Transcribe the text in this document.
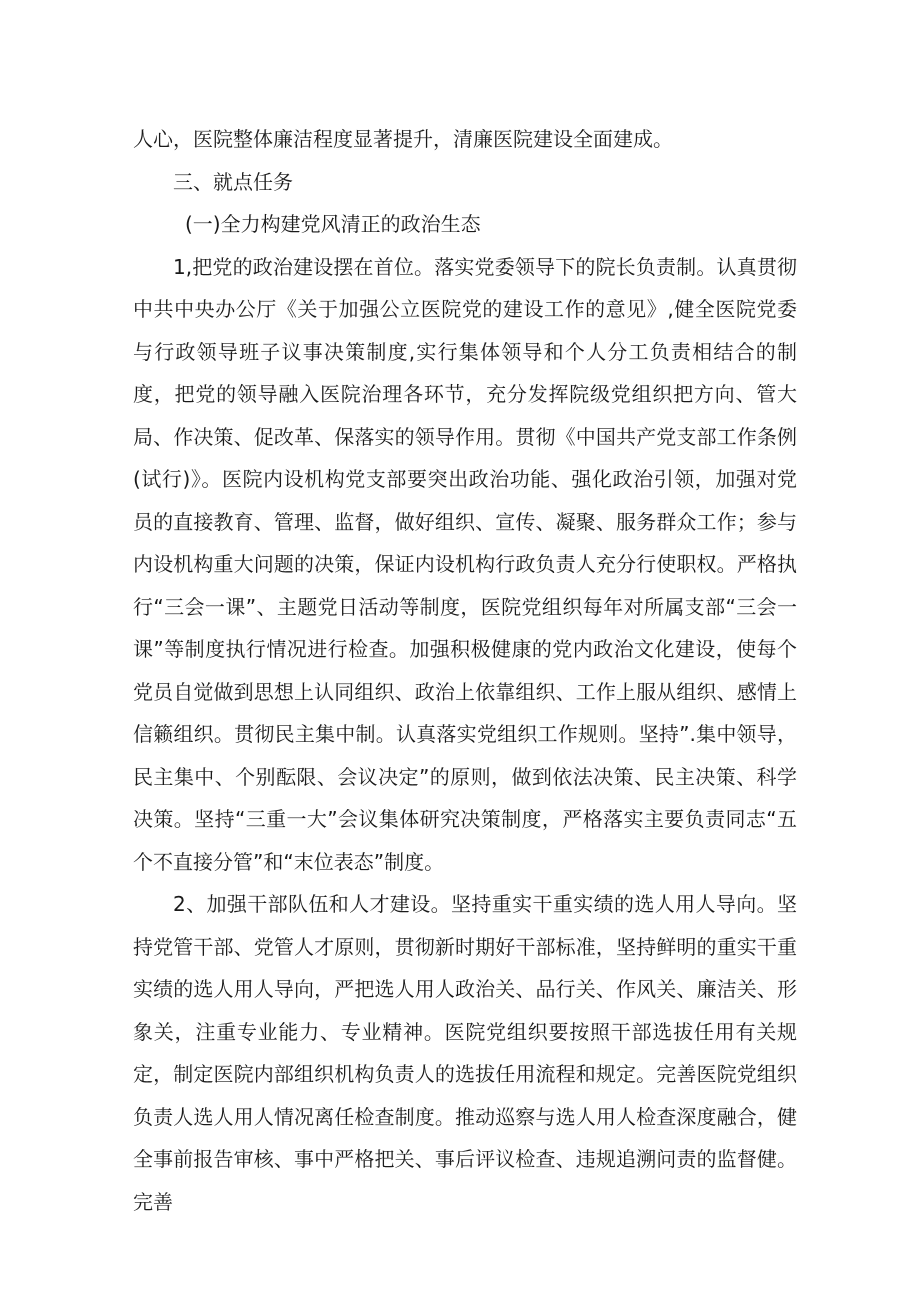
人心，医院整体廉洁程度显著提升，清廉医院建设全面建成。

三、就点任务

(一)全力构建党风清正的政治生态

1,把党的政治建设摆在首位。落实党委领导下的院长负责制。认真贯彻中共中央办公厅《关于加强公立医院党的建设工作的意见》,健全医院党委与行政领导班子议事决策制度,实行集体领导和个人分工负责相结合的制度，把党的领导融入医院治理各环节，充分发挥院级党组织把方向、管大局、作决策、促改革、保落实的领导作用。贯彻《中国共产党支部工作条例(试行)》。医院内设机构党支部要突出政治功能、强化政治引领，加强对党员的直接教育、管理、监督，做好组织、宣传、凝聚、服务群众工作；参与内设机构重大问题的决策，保证内设机构行政负责人充分行使职权。严格执行“三会一课”、主题党日活动等制度，医院党组织每年对所属支部“三会一课”等制度执行情况进行检查。加强积极健康的党内政治文化建设，使每个党员自觉做到思想上认同组织、政治上依靠组织、工作上服从组织、感情上信籁组织。贯彻民主集中制。认真落实党组织工作规则。坚持”.集中领导，民主集中、个别酝限、会议决定”的原则，做到依法决策、民主决策、科学决策。坚持“三重一大”会议集体研究决策制度，严格落实主要负责同志“五个不直接分管”和“末位表态”制度。

2、加强干部队伍和人才建设。坚持重实干重实绩的选人用人导向。坚持党管干部、党管人才原则，贯彻新时期好干部标准，坚持鲜明的重实干重实绩的选人用人导向，严把选人用人政治关、品行关、作风关、廉洁关、形象关，注重专业能力、专业精神。医院党组织要按照干部选拔任用有关规定，制定医院内部组织机构负责人的选拔任用流程和规定。完善医院党组织负责人选人用人情况离任检查制度。推动巡察与选人用人检查深度融合，健全事前报告审核、事中严格把关、事后评议检查、违规追溯问责的监督健。完善
